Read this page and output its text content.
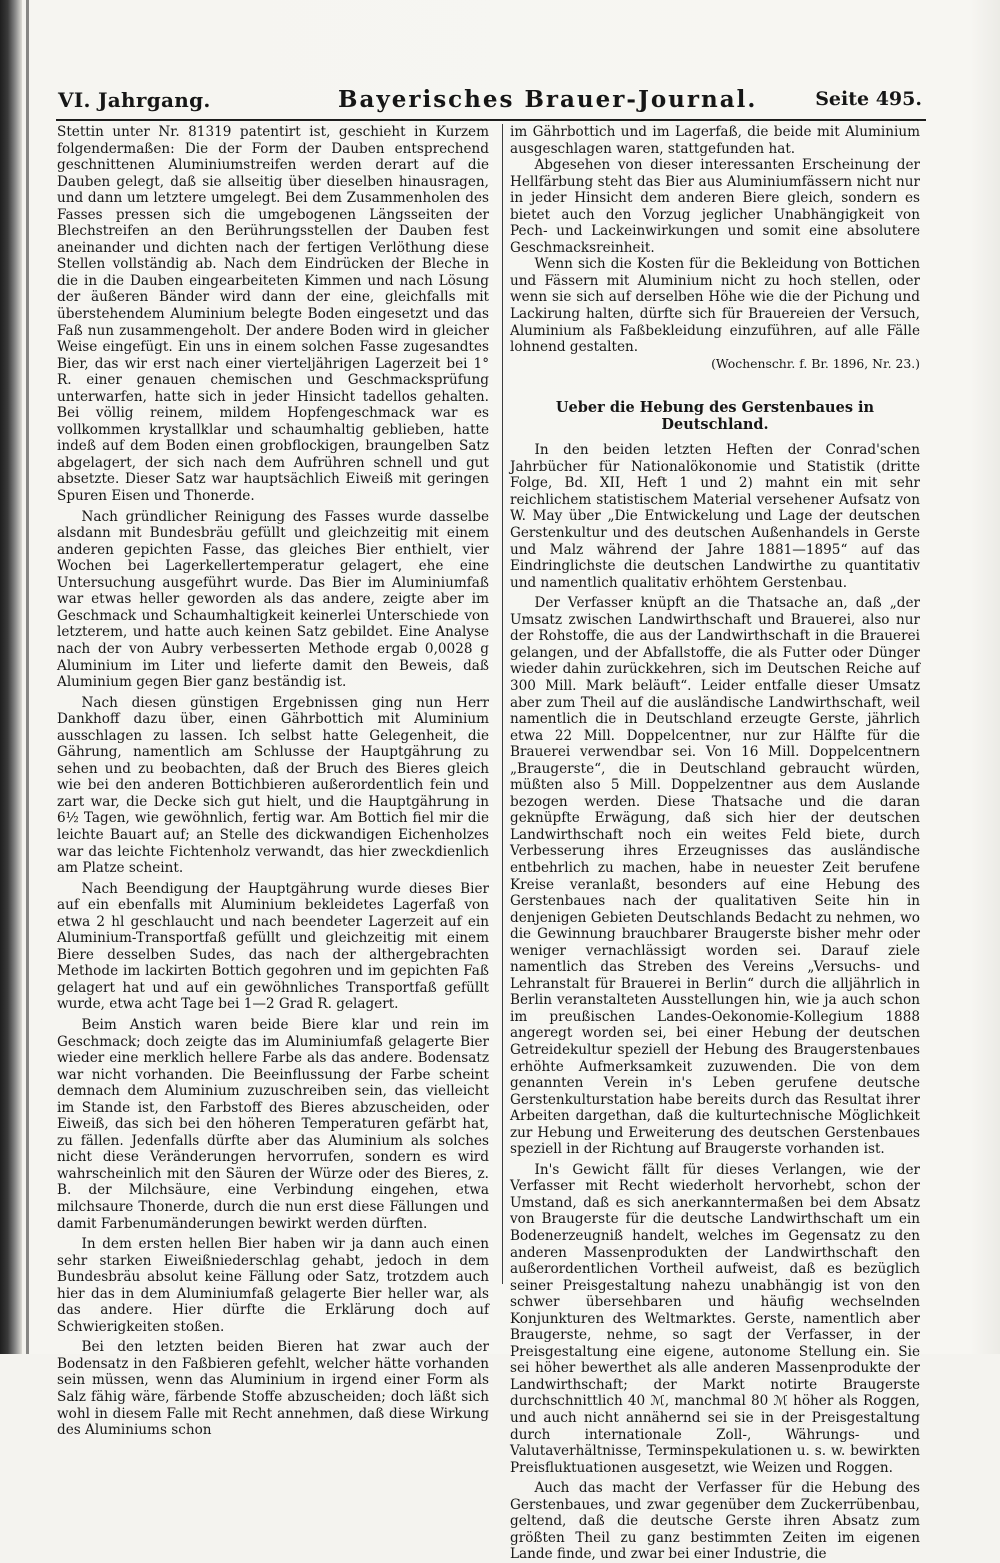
VI. Jahrgang.	Bayerisches Brauer-Journal.	Seite 495.

Stettin unter Nr. 81319 patentirt ist, geschieht in Kurzem folgendermaßen: Die der Form der Dauben entsprechend geschnittenen Aluminiumstreifen werden derart auf die Dauben gelegt, daß sie allseitig über dieselben hinausragen, und dann um letztere umgelegt. Bei dem Zusammenholen des Fasses pressen sich die umgebogenen Längsseiten der Blechstreifen an den Berührungsstellen der Dauben fest aneinander und dichten nach der fertigen Verlöthung diese Stellen vollständig ab. Nach dem Eindrücken der Bleche in die in die Dauben eingearbeiteten Kimmen und nach Lösung der äußeren Bänder wird dann der eine, gleichfalls mit überstehendem Aluminium belegte Boden eingesetzt und das Faß nun zusammengeholt. Der andere Boden wird in gleicher Weise eingefügt. Ein uns in einem solchen Fasse zugesandtes Bier, das wir erst nach einer vierteljährigen Lagerzeit bei 1° R. einer genauen chemischen und Geschmacksprüfung unterwarfen, hatte sich in jeder Hinsicht tadellos gehalten. Bei völlig reinem, mildem Hopfengeschmack war es vollkommen krystallklar und schaumhaltig geblieben, hatte indeß auf dem Boden einen grobflockigen, braungelben Satz abgelagert, der sich nach dem Aufrühren schnell und gut absetzte. Dieser Satz war hauptsächlich Eiweiß mit geringen Spuren Eisen und Thonerde.

Nach gründlicher Reinigung des Fasses wurde dasselbe alsdann mit Bundesbräu gefüllt und gleichzeitig mit einem anderen gepichten Fasse, das gleiches Bier enthielt, vier Wochen bei Lagerkellertemperatur gelagert, ehe eine Untersuchung ausgeführt wurde. Das Bier im Aluminiumfaß war etwas heller geworden als das andere, zeigte aber im Geschmack und Schaumhaltigkeit keinerlei Unterschiede von letzterem, und hatte auch keinen Satz gebildet. Eine Analyse nach der von Aubry verbesserten Methode ergab 0,0028 g Aluminium im Liter und lieferte damit den Beweis, daß Aluminium gegen Bier ganz beständig ist.

Nach diesen günstigen Ergebnissen ging nun Herr Dankhoff dazu über, einen Gährbottich mit Aluminium ausschlagen zu lassen. Ich selbst hatte Gelegenheit, die Gährung, namentlich am Schlusse der Hauptgährung zu sehen und zu beobachten, daß der Bruch des Bieres gleich wie bei den anderen Bottichbieren außerordentlich fein und zart war, die Decke sich gut hielt, und die Hauptgährung in 6½ Tagen, wie gewöhnlich, fertig war. Am Bottich fiel mir die leichte Bauart auf; an Stelle des dickwandigen Eichenholzes war das leichte Fichtenholz verwandt, das hier zweckdienlich am Platze scheint.

Nach Beendigung der Hauptgährung wurde dieses Bier auf ein ebenfalls mit Aluminium bekleidetes Lagerfaß von etwa 2 hl geschlaucht und nach beendeter Lagerzeit auf ein Aluminium-Transportfaß gefüllt und gleichzeitig mit einem Biere desselben Sudes, das nach der althergebrachten Methode im lackirten Bottich gegohren und im gepichten Faß gelagert hat und auf ein gewöhnliches Transportfaß gefüllt wurde, etwa acht Tage bei 1—2 Grad R. gelagert.

Beim Anstich waren beide Biere klar und rein im Geschmack; doch zeigte das im Aluminiumfaß gelagerte Bier wieder eine merklich hellere Farbe als das andere. Bodensatz war nicht vorhanden. Die Beeinflussung der Farbe scheint demnach dem Aluminium zuzuschreiben sein, das vielleicht im Stande ist, den Farbstoff des Bieres abzuscheiden, oder Eiweiß, das sich bei den höheren Temperaturen gefärbt hat, zu fällen. Jedenfalls dürfte aber das Aluminium als solches nicht diese Veränderungen hervorrufen, sondern es wird wahrscheinlich mit den Säuren der Würze oder des Bieres, z. B. der Milchsäure, eine Verbindung eingehen, etwa milchsaure Thonerde, durch die nun erst diese Fällungen und damit Farbenumänderungen bewirkt werden dürften.

In dem ersten hellen Bier haben wir ja dann auch einen sehr starken Eiweißniederschlag gehabt, jedoch in dem Bundesbräu absolut keine Fällung oder Satz, trotzdem auch hier das in dem Aluminiumfaß gelagerte Bier heller war, als das andere. Hier dürfte die Erklärung doch auf Schwierigkeiten stoßen.

Bei den letzten beiden Bieren hat zwar auch der Bodensatz in den Faßbieren gefehlt, welcher hätte vorhanden sein müssen, wenn das Aluminium in irgend einer Form als Salz fähig wäre, färbende Stoffe abzuscheiden; doch läßt sich wohl in diesem Falle mit Recht annehmen, daß diese Wirkung des Aluminiums schon

im Gährbottich und im Lagerfaß, die beide mit Aluminium ausgeschlagen waren, stattgefunden hat.

Abgesehen von dieser interessanten Erscheinung der Hellfärbung steht das Bier aus Aluminiumfässern nicht nur in jeder Hinsicht dem anderen Biere gleich, sondern es bietet auch den Vorzug jeglicher Unabhängigkeit von Pech- und Lackeinwirkungen und somit eine absolutere Geschmacksreinheit.

Wenn sich die Kosten für die Bekleidung von Bottichen und Fässern mit Aluminium nicht zu hoch stellen, oder wenn sie sich auf derselben Höhe wie die der Pichung und Lackirung halten, dürfte sich für Brauereien der Versuch, Aluminium als Faßbekleidung einzuführen, auf alle Fälle lohnend gestalten.

(Wochenschr. f. Br. 1896, Nr. 23.)

Ueber die Hebung des Gerstenbaues in Deutschland.

In den beiden letzten Heften der Conrad'schen Jahrbücher für Nationalökonomie und Statistik (dritte Folge, Bd. XII, Heft 1 und 2) mahnt ein mit sehr reichlichem statistischem Material versehener Aufsatz von W. May über „Die Entwickelung und Lage der deutschen Gerstenkultur und des deutschen Außenhandels in Gerste und Malz während der Jahre 1881—1895“ auf das Eindringlichste die deutschen Landwirthe zu quantitativ und namentlich qualitativ erhöhtem Gerstenbau.

Der Verfasser knüpft an die Thatsache an, daß „der Umsatz zwischen Landwirthschaft und Brauerei, also nur der Rohstoffe, die aus der Landwirthschaft in die Brauerei gelangen, und der Abfallstoffe, die als Futter oder Dünger wieder dahin zurückkehren, sich im Deutschen Reiche auf 300 Mill. Mark beläuft“. Leider entfalle dieser Umsatz aber zum Theil auf die ausländische Landwirthschaft, weil namentlich die in Deutschland erzeugte Gerste, jährlich etwa 22 Mill. Doppelcentner, nur zur Hälfte für die Brauerei verwendbar sei. Von 16 Mill. Doppelcentnern „Braugerste“, die in Deutschland gebraucht würden, müßten also 5 Mill. Doppelzentner aus dem Auslande bezogen werden. Diese Thatsache und die daran geknüpfte Erwägung, daß sich hier der deutschen Landwirthschaft noch ein weites Feld biete, durch Verbesserung ihres Erzeugnisses das ausländische entbehrlich zu machen, habe in neuester Zeit berufene Kreise veranlaßt, besonders auf eine Hebung des Gerstenbaues nach der qualitativen Seite hin in denjenigen Gebieten Deutschlands Bedacht zu nehmen, wo die Gewinnung brauchbarer Braugerste bisher mehr oder weniger vernachlässigt worden sei. Darauf ziele namentlich das Streben des Vereins „Versuchs- und Lehranstalt für Brauerei in Berlin“ durch die alljährlich in Berlin veranstalteten Ausstellungen hin, wie ja auch schon im preußischen Landes-Oekonomie-Kollegium 1888 angeregt worden sei, bei einer Hebung der deutschen Getreidekultur speziell der Hebung des Braugerstenbaues erhöhte Aufmerksamkeit zuzuwenden. Die von dem genannten Verein in's Leben gerufene deutsche Gerstenkulturstation habe bereits durch das Resultat ihrer Arbeiten dargethan, daß die kulturtechnische Möglichkeit zur Hebung und Erweiterung des deutschen Gerstenbaues speziell in der Richtung auf Braugerste vorhanden ist.

In's Gewicht fällt für dieses Verlangen, wie der Verfasser mit Recht wiederholt hervorhebt, schon der Umstand, daß es sich anerkanntermaßen bei dem Absatz von Braugerste für die deutsche Landwirthschaft um ein Bodenerzeugniß handelt, welches im Gegensatz zu den anderen Massenprodukten der Landwirthschaft den außerordentlichen Vortheil aufweist, daß es bezüglich seiner Preisgestaltung nahezu unabhängig ist von den schwer übersehbaren und häufig wechselnden Konjunkturen des Weltmarktes. Gerste, namentlich aber Braugerste, nehme, so sagt der Verfasser, in der Preisgestaltung eine eigene, autonome Stellung ein. Sie sei höher bewerthet als alle anderen Massenprodukte der Landwirthschaft; der Markt notirte Braugerste durchschnittlich 40 ℳ, manchmal 80 ℳ höher als Roggen, und auch nicht annähernd sei sie in der Preisgestaltung durch internationale Zoll-, Währungs- und Valutaverhältnisse, Terminspekulationen u. s. w. bewirkten Preisfluktuationen ausgesetzt, wie Weizen und Roggen.

Auch das macht der Verfasser für die Hebung des Gerstenbaues, und zwar gegenüber dem Zuckerrübenbau, geltend, daß die deutsche Gerste ihren Absatz zum größten Theil zu ganz bestimmten Zeiten im eigenen Lande finde, und zwar bei einer Industrie, die
